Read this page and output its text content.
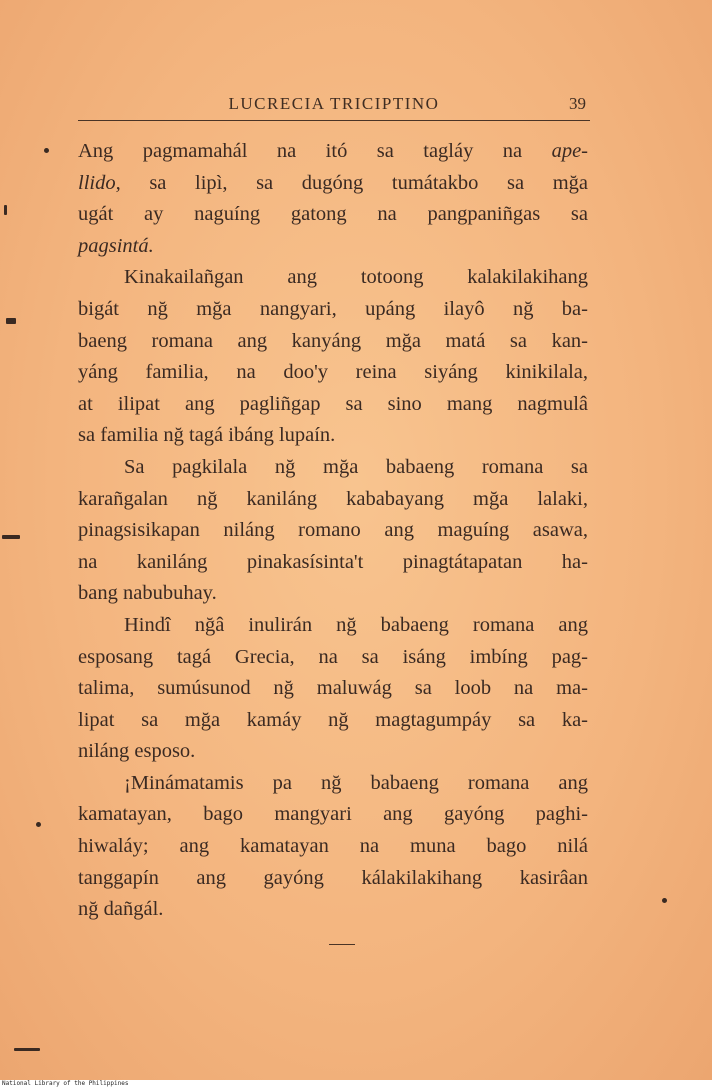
LUCRECIA TRICIPTINO	39
Ang pagmamahál na itó sa tagláy na ape-
llido, sa lipì, sa dugóng tumátakbo sa mğa
ugát ay naguíng gatong na pangpaniñgas sa
pagsintá.
Kinakailañgan ang totoong kalakilakihang
bigát nğ mğa nangyari, upáng ilayô nğ ba-
baeng romana ang kanyáng mğa matá sa kan-
yáng familia, na doo'y reina siyáng kinikilala,
at ilipat ang pagliñgap sa sino mang nagmulâ
sa familia nğ tagá ibáng lupaín.
Sa pagkilala nğ mğa babaeng romana sa
karañgalan nğ kaniláng kababayang mğa lalaki,
pinagsisikapan niláng romano ang maguíng asawa,
na kaniláng pinakasísinta't pinagtátapatan ha-
bang nabubuhay.
Hindî nğâ inulirán nğ babaeng romana ang
esposang tagá Grecia, na sa isáng imbíng pag-
talima, sumúsunod nğ maluwág sa loob na ma-
lipat sa mğa kamáy nğ magtagumpáy sa ka-
niláng esposo.
¡Minámatamis pa nğ babaeng romana ang
kamatayan, bago mangyari ang gayóng paghi-
hiwaláy; ang kamatayan na muna bago nilá
tanggapín ang gayóng kálakilakihang kasirâan
nğ dañgál.
National Library of the Philippines
